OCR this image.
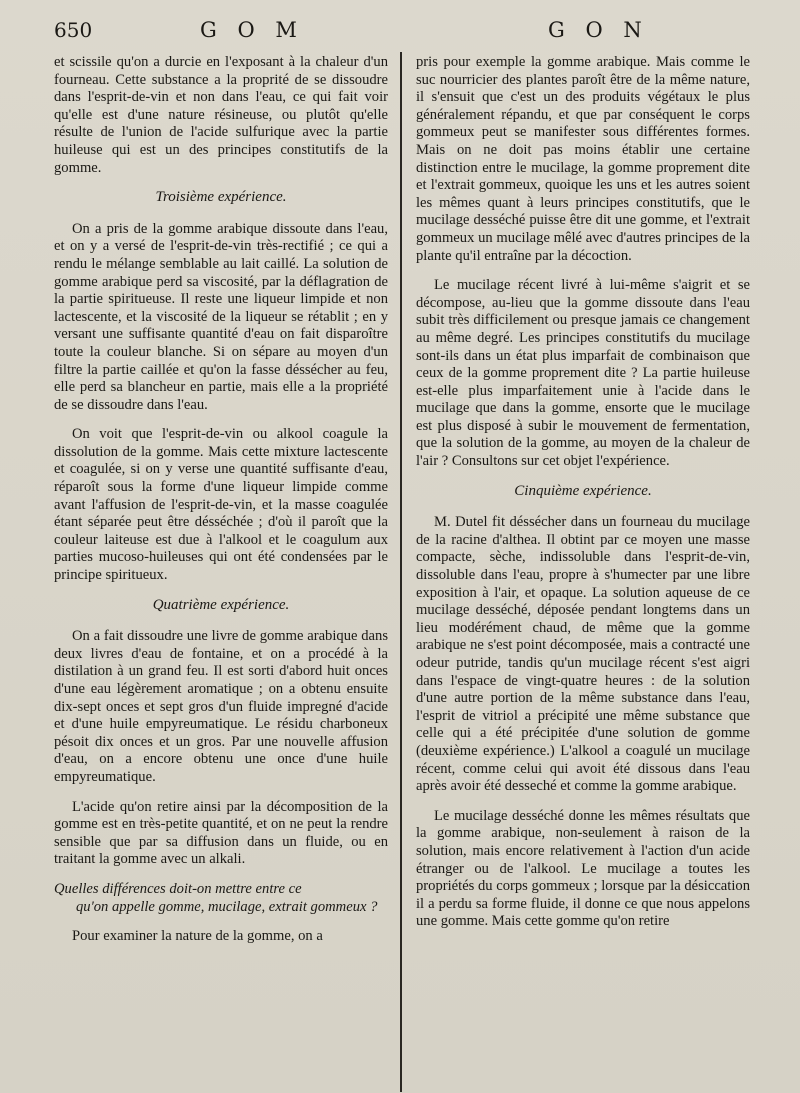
650	G O M	G O N

et scissile qu'on a durcie en l'exposant à la chaleur d'un fourneau. Cette substance a la proprité de se dissoudre dans l'esprit-de-vin et non dans l'eau, ce qui fait voir qu'elle est d'une nature résineuse, ou plutôt qu'elle résulte de l'union de l'acide sulfurique avec la partie huileuse qui est un des principes constitutifs de la gomme.

Troisième expérience.

On a pris de la gomme arabique dissoute dans l'eau, et on y a versé de l'esprit-de-vin très-rectifié ; ce qui a rendu le mélange semblable au lait caillé. La solution de gomme arabique perd sa viscosité, par la déflagration de la partie spiritueuse. Il reste une liqueur limpide et non lactescente, et la viscosité de la liqueur se rétablit ; en y versant une suffisante quantité d'eau on fait disparoître toute la couleur blanche. Si on sépare au moyen d'un filtre la partie caillée et qu'on la fasse déssécher au feu, elle perd sa blancheur en partie, mais elle a la propriété de se dissoudre dans l'eau.

On voit que l'esprit-de-vin ou alkool coagule la dissolution de la gomme. Mais cette mixture lactescente et coagulée, si on y verse une quantité suffisante d'eau, réparoît sous la forme d'une liqueur limpide comme avant l'affusion de l'esprit-de-vin, et la masse coagulée étant séparée peut être désséchée ; d'où il paroît que la couleur laiteuse est due à l'alkool et le coagulum aux parties mucoso-huileuses qui ont été condensées par le principe spiritueux.

Quatrième expérience.

On a fait dissoudre une livre de gomme arabique dans deux livres d'eau de fontaine, et on a procédé à la distilation à un grand feu. Il est sorti d'abord huit onces d'une eau légèrement aromatique ; on a obtenu ensuite dix-sept onces et sept gros d'un fluide impregné d'acide et d'une huile empyreumatique. Le résidu charboneux pésoit dix onces et un gros. Par une nouvelle affusion d'eau, on a encore obtenu une once d'une huile empyreumatique.

L'acide qu'on retire ainsi par la décomposition de la gomme est en très-petite quantité, et on ne peut la rendre sensible que par sa diffusion dans un fluide, ou en traitant la gomme avec un alkali.

Quelles différences doit-on mettre entre ce
qu'on appelle gomme, mucilage, extrait gommeux ?

Pour examiner la nature de la gomme, on a

pris pour exemple la gomme arabique. Mais comme le suc nourricier des plantes paroît être de la même nature, il s'ensuit que c'est un des produits végétaux le plus généralement répandu, et que par conséquent le corps gommeux peut se manifester sous différentes formes. Mais on ne doit pas moins établir une certaine distinction entre le mucilage, la gomme proprement dite et l'extrait gommeux, quoique les uns et les autres soient les mêmes quant à leurs principes constitutifs, que le mucilage desséché puisse être dit une gomme, et l'extrait gommeux un mucilage mêlé avec d'autres principes de la plante qu'il entraîne par la décoction.

Le mucilage récent livré à lui-même s'aigrit et se décompose, au-lieu que la gomme dissoute dans l'eau subit très difficilement ou presque jamais ce changement au même degré. Les principes constitutifs du mucilage sont-ils dans un état plus imparfait de combinaison que ceux de la gomme proprement dite ? La partie huileuse est-elle plus imparfaitement unie à l'acide dans le mucilage que dans la gomme, ensorte que le mucilage est plus disposé à subir le mouvement de fermentation, que la solution de la gomme, au moyen de la chaleur de l'air ? Consultons sur cet objet l'expérience.

Cinquième expérience.

M. Dutel fit déssécher dans un fourneau du mucilage de la racine d'althea. Il obtint par ce moyen une masse compacte, sèche, indissoluble dans l'esprit-de-vin, dissoluble dans l'eau, propre à s'humecter par une libre exposition à l'air, et opaque. La solution aqueuse de ce mucilage desséché, déposée pendant longtems dans un lieu modérément chaud, de même que la gomme arabique ne s'est point décomposée, mais a contracté une odeur putride, tandis qu'un mucilage récent s'est aigri dans l'espace de vingt-quatre heures : de la solution d'une autre portion de la même substance dans l'eau, l'esprit de vitriol a précipité une même substance que celle qui a été précipitée d'une solution de gomme (deuxième expérience.) L'alkool a coagulé un mucilage récent, comme celui qui avoit été dissous dans l'eau après avoir été desseché et comme la gomme arabique.

Le mucilage desséché donne les mêmes résultats que la gomme arabique, non-seulement à raison de la solution, mais encore relativement à l'action d'un acide étranger ou de l'alkool. Le mucilage a toutes les propriétés du corps gommeux ; lorsque par la désiccation il a perdu sa forme fluide, il donne ce que nous appelons une gomme. Mais cette gomme qu'on retire
